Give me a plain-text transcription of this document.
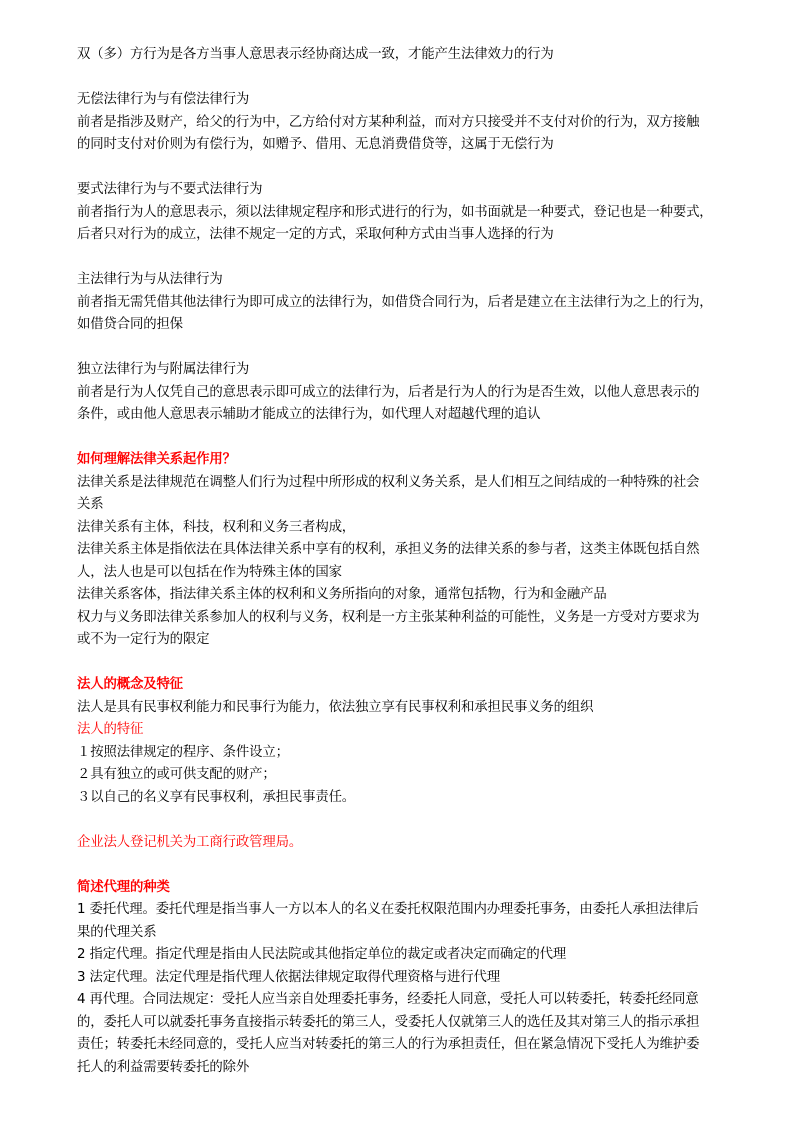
双（多）方行为是各方当事人意思表示经协商达成一致，才能产生法律效力的行为
无偿法律行为与有偿法律行为
前者是指涉及财产，给父的行为中，乙方给付对方某种利益，而对方只接受并不支付对价的行为，双方接触
的同时支付对价则为有偿行为，如赠予、借用、无息消费借贷等，这属于无偿行为
要式法律行为与不要式法律行为
前者指行为人的意思表示，须以法律规定程序和形式进行的行为，如书面就是一种要式，登记也是一种要式，
后者只对行为的成立，法律不规定一定的方式，采取何种方式由当事人选择的行为
主法律行为与从法律行为
前者指无需凭借其他法律行为即可成立的法律行为，如借贷合同行为，后者是建立在主法律行为之上的行为，
如借贷合同的担保
独立法律行为与附属法律行为
前者是行为人仅凭自己的意思表示即可成立的法律行为，后者是行为人的行为是否生效，以他人意思表示的
条件，或由他人意思表示辅助才能成立的法律行为，如代理人对超越代理的追认
如何理解法律关系起作用？
法律关系是法律规范在调整人们行为过程中所形成的权利义务关系，是人们相互之间结成的一种特殊的社会
关系
法律关系有主体，科技，权利和义务三者构成，
法律关系主体是指依法在具体法律关系中享有的权利，承担义务的法律关系的参与者，这类主体既包括自然
人，法人也是可以包括在作为特殊主体的国家
法律关系客体，指法律关系主体的权利和义务所指向的对象，通常包括物，行为和金融产品
权力与义务即法律关系参加人的权利与义务，权利是一方主张某种利益的可能性，义务是一方受对方要求为
或不为一定行为的限定
法人的概念及特征
法人是具有民事权利能力和民事行为能力，依法独立享有民事权利和承担民事义务的组织
法人的特征
１按照法律规定的程序、条件设立；
２具有独立的或可供支配的财产；
３以自己的名义享有民事权利，承担民事责任。
企业法人登记机关为工商行政管理局。
简述代理的种类
1 委托代理。委托代理是指当事人一方以本人的名义在委托权限范围内办理委托事务，由委托人承担法律后
果的代理关系
2 指定代理。指定代理是指由人民法院或其他指定单位的裁定或者决定而确定的代理
3 法定代理。法定代理是指代理人依据法律规定取得代理资格与进行代理
4 再代理。合同法规定：受托人应当亲自处理委托事务，经委托人同意，受托人可以转委托，转委托经同意
的，委托人可以就委托事务直接指示转委托的第三人，受委托人仅就第三人的选任及其对第三人的指示承担
责任；转委托未经同意的，受托人应当对转委托的第三人的行为承担责任，但在紧急情况下受托人为维护委
托人的利益需要转委托的除外
